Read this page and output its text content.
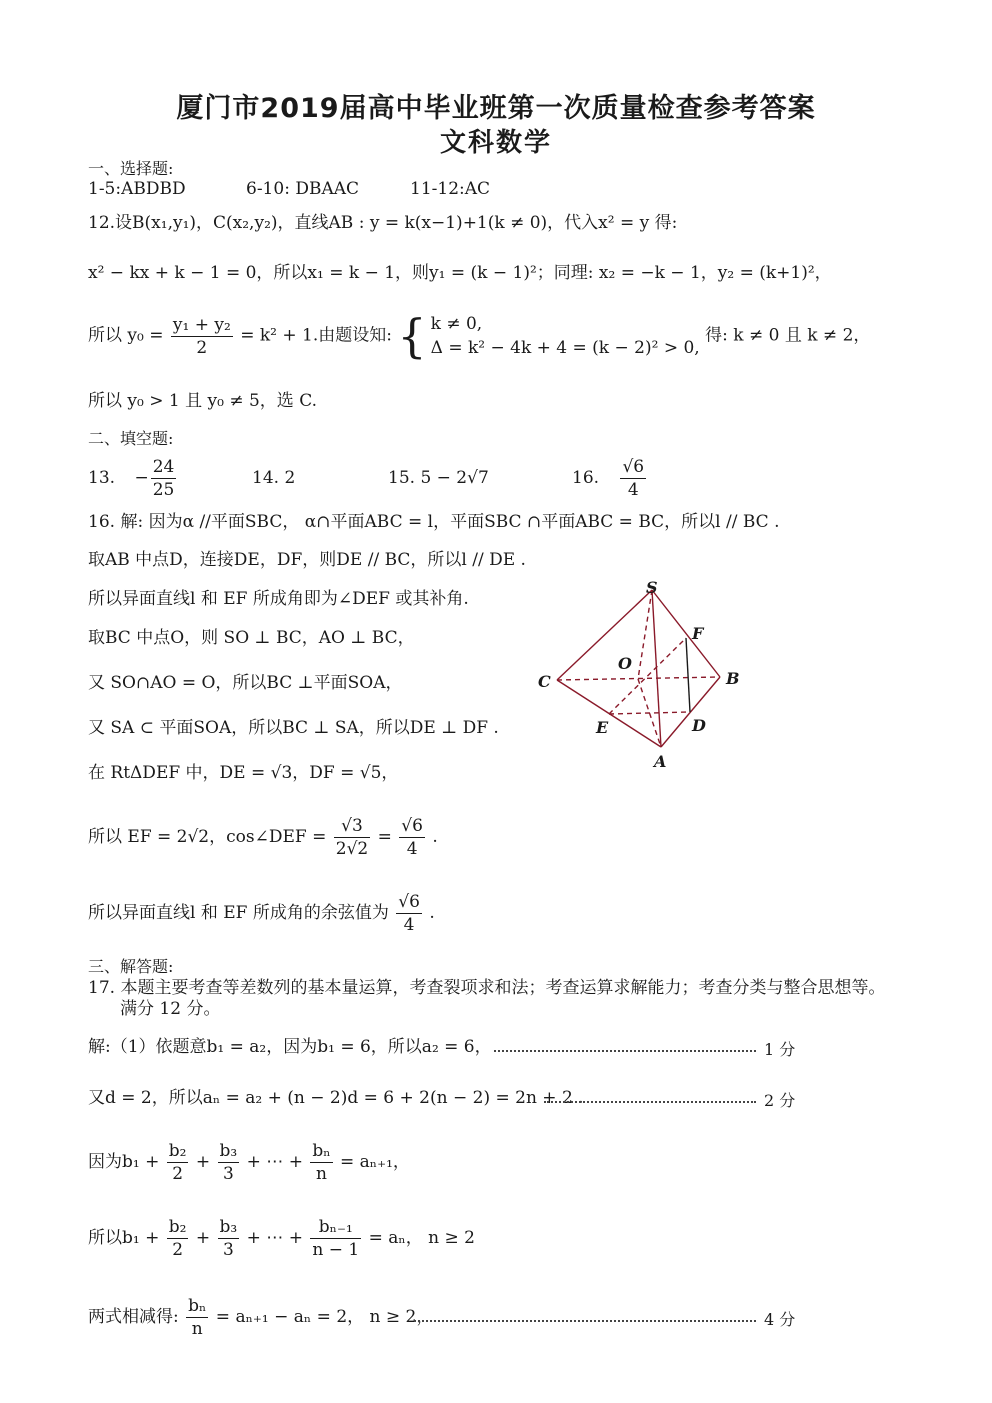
厦门市2019届高中毕业班第一次质量检查参考答案
文科数学
一、选择题:
1-5:ABDBD	6-10: DBAAC	11-12:AC
12.设B(x₁,y₁)，C(x₂,y₂)，直线AB : y = k(x−1)+1(k ≠ 0)，代入x² = y 得:
x² − kx + k − 1 = 0，所以x₁ = k − 1，则y₁ = (k − 1)²；同理: x₂ = −k − 1，y₂ = (k+1)²，
所以 $y_0 = \frac{\text{y₁ + y₂}}{2} = k^2 + 1$.由题设知: { k ≠ 0,
Δ = k² − 4k + 4 = (k − 2)² > 0,
得: k ≠ 0 且 k ≠ 2，
所以 y₀ > 1 且 y₀ ≠ 5，选 C.
二、填空题:
13. − $\frac{24}{25}$	14. 2	15. 5 − 2√7	16. $\frac{√6}{4}$
16. 解: 因为α //平面SBC， α∩平面ABC = l，平面SBC ∩平面ABC = BC，所以l // BC .
取AB 中点D，连接DE，DF，则DE // BC，所以l // DE .
所以异面直线l 和 EF 所成角即为∠DEF 或其补角.
取BC 中点O，则 SO ⊥ BC，AO ⊥ BC，
又 SO∩AO = O，所以BC ⊥平面SOA，
又 SA ⊂ 平面SOA，所以BC ⊥ SA，所以DE ⊥ DF .
在 RtΔDEF 中，DE = √3，DF = √5，
所以 EF = 2√2，cos∠DEF = $\frac{√3}{2√2} = \frac{√6}{4}$ .
所以异面直线l 和 EF 所成角的余弦值为 $\frac{√6}{4}$ .
S
F
O
C	B
E	D
A
三、解答题:
17. 本题主要考查等差数列的基本量运算，考查裂项求和法；考查运算求解能力；考查分类与整合思想等。
满分 12 分。
解:（1）依题意b₁ = a₂，因为b₁ = 6，所以a₂ = 6，	1 分
又d = 2，所以aₙ = a₂ + (n − 2)d = 6 + 2(n − 2) = 2n + 2 .	2 分
因为$b_1 + \frac{\text{b₂}}{2} + \frac{\text{b₃}}{3}$ + ⋯ + $\frac{\text{bₙ}}{n} = a_{n+1}$，
所以$b_1 + \frac{\text{b₂}}{2} + \frac{\text{b₃}}{3}$ + ⋯ + $\frac{\text{bₙ₋₁}}{n - 1} = a_n$， n ≥ 2
两式相减得: $\frac{\text{bₙ}}{n} = a_{n+1} - a_n = 2$， n ≥ 2，	4 分
